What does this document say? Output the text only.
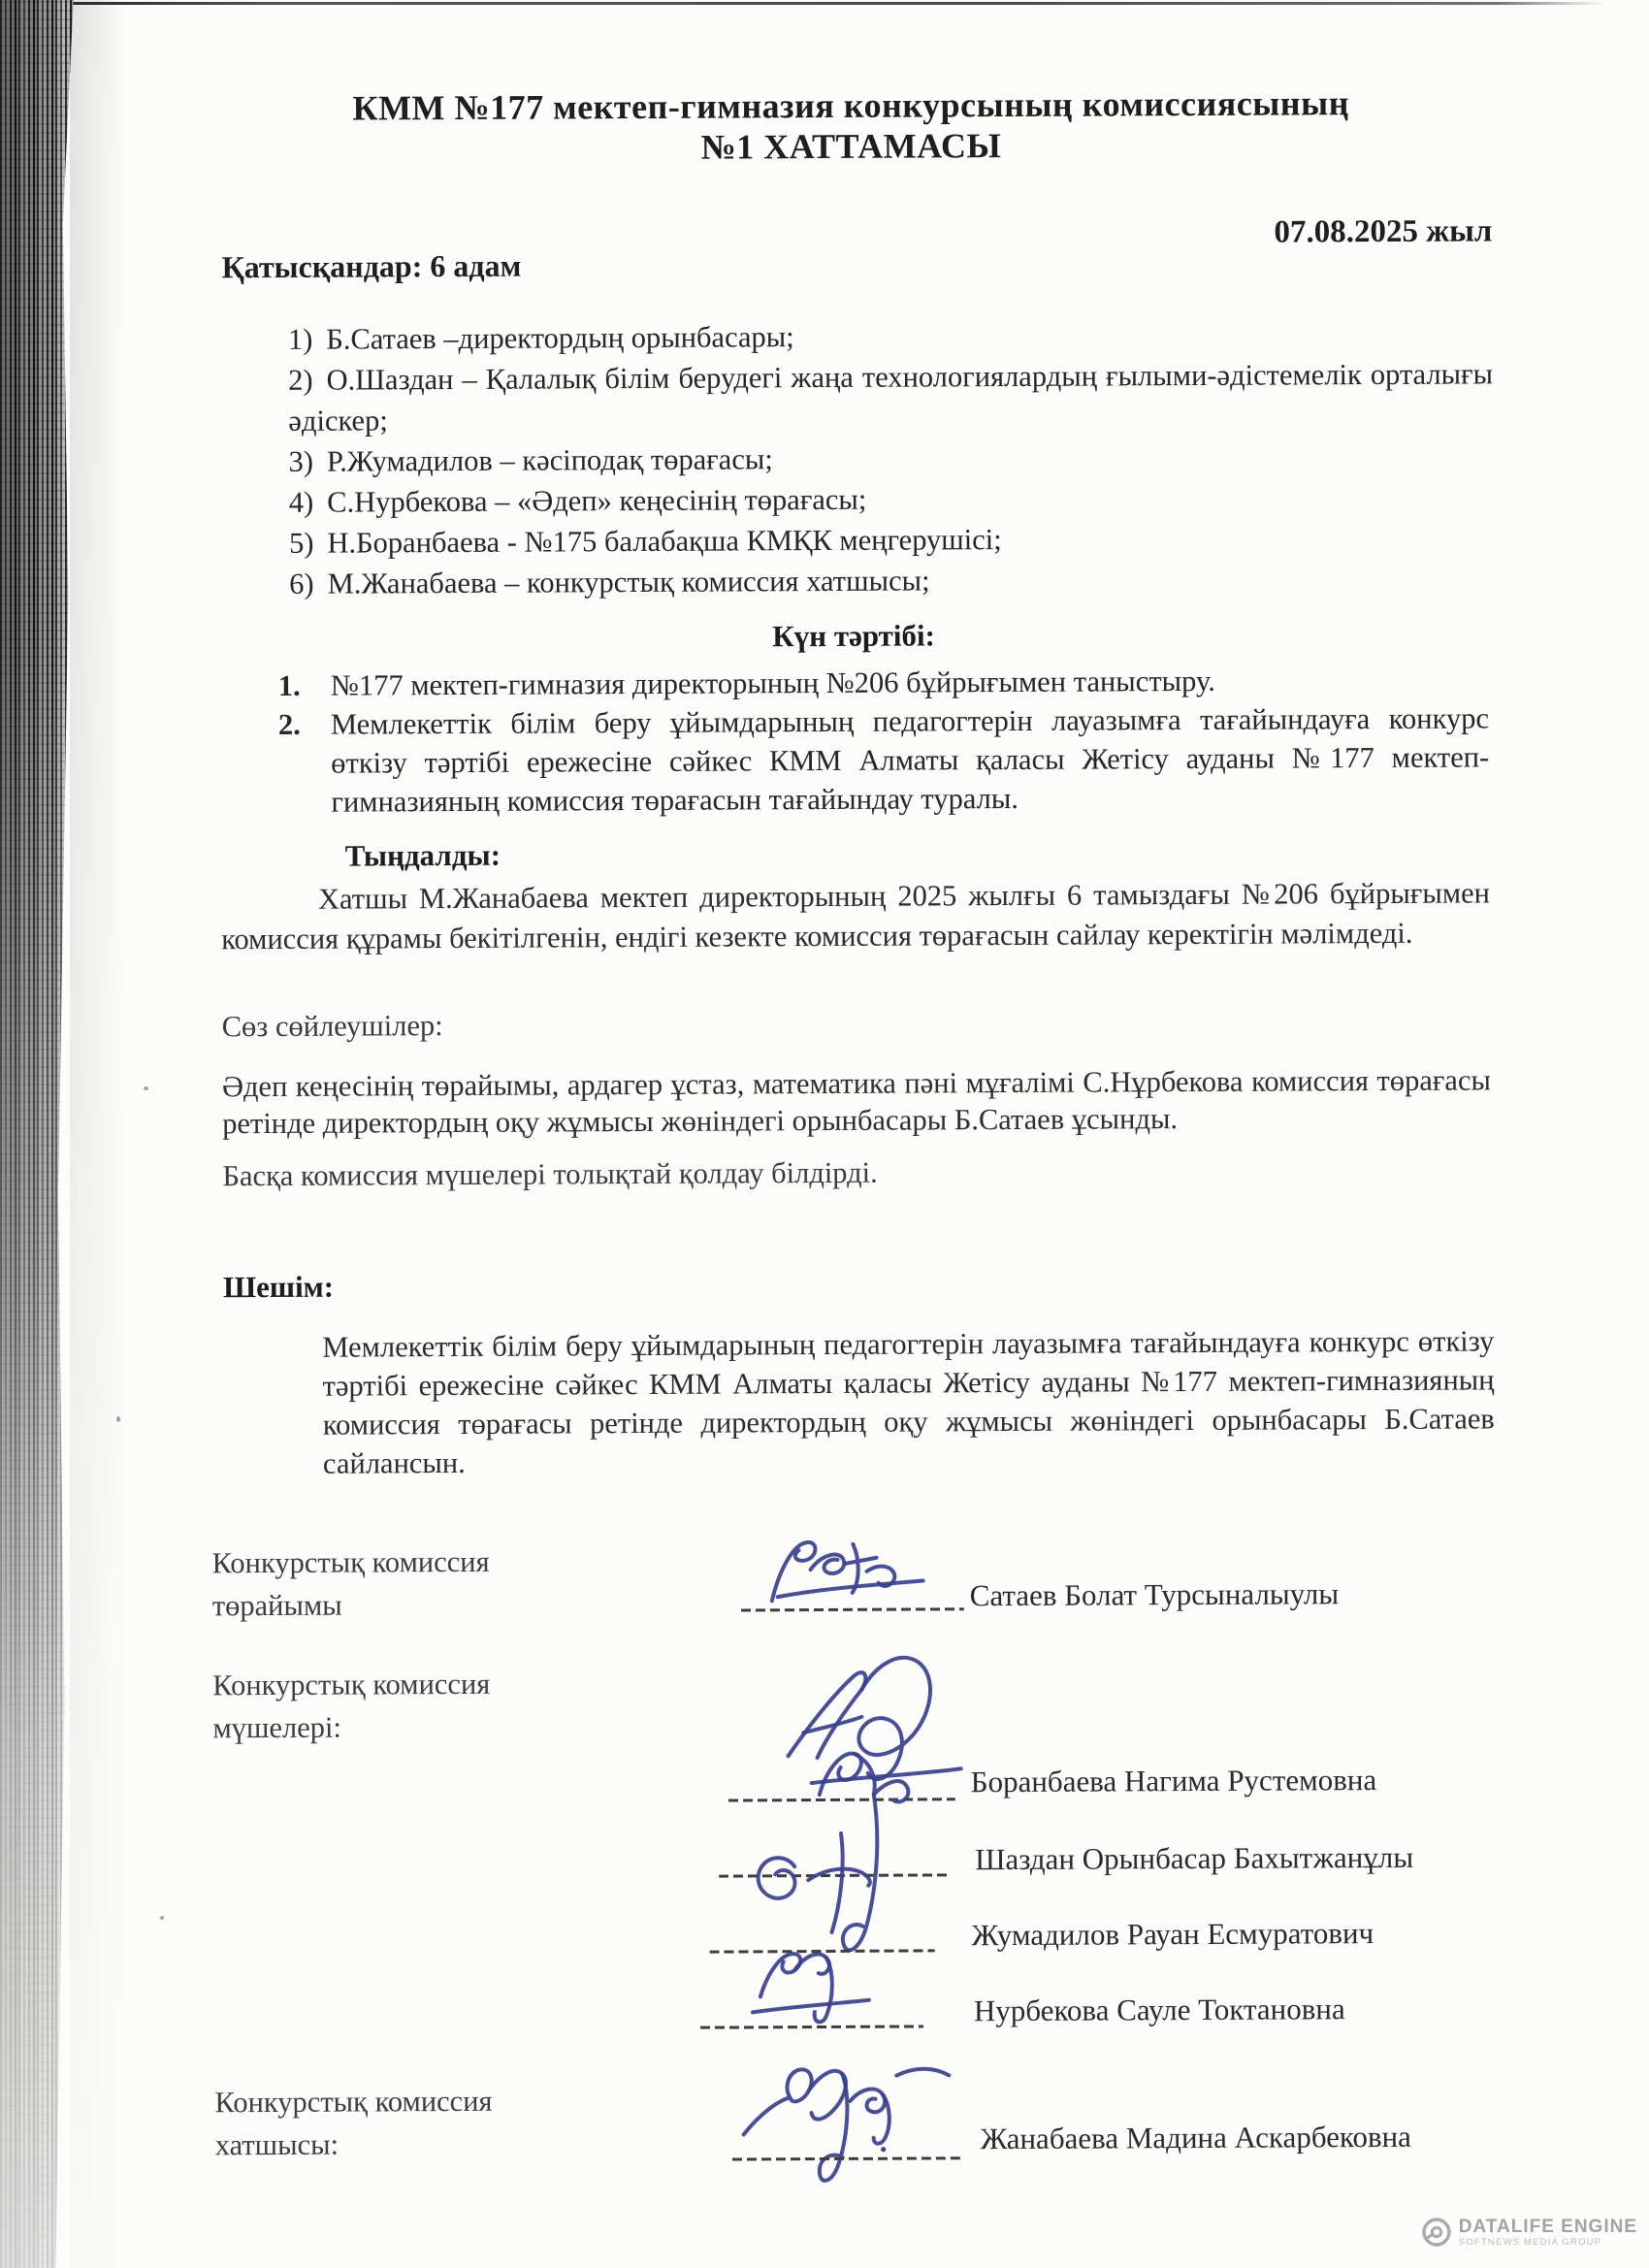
КММ №177 мектеп-гимназия конкурсының комиссиясының
№1 ХАТТАМАСЫ
07.08.2025 жыл
Қатысқандар: 6 адам
1) Б.Сатаев –директордың орынбасары;
2) О.Шаздан – Қалалық білім берудегі жаңа технологиялардың ғылыми-әдістемелік орталығы әдіскер;
3) Р.Жумадилов – кәсіподақ төрағасы;
4) С.Нурбекова – «Әдеп» кеңесінің төрағасы;
5) Н.Боранбаева - №175 балабақша КМҚК меңгерушісі;
6) М.Жанабаева – конкурстық комиссия хатшысы;
Күн тәртібі:
1.	№177 мектеп-гимназия директорының №206 бұйрығымен таныстыру.
2.	Мемлекеттік білім беру ұйымдарының педагогтерін лауазымға тағайындауға конкурс өткізу тәртібі ережесіне сәйкес КММ Алматы қаласы Жетісу ауданы №177 мектеп-гимназияның комиссия төрағасын тағайындау туралы.
Тыңдалды:
Хатшы М.Жанабаева мектеп директорының 2025 жылғы 6 тамыздағы №206 бұйрығымен комиссия құрамы бекітілгенін, ендігі кезекте комиссия төрағасын сайлау керектігін мәлімдеді.
Сөз сөйлеушілер:
Әдеп кеңесінің төрайымы, ардагер ұстаз, математика пәні мұғалімі С.Нұрбекова комиссия төрағасы ретінде директордың оқу жұмысы жөніндегі орынбасары Б.Сатаев ұсынды.
Басқа комиссия мүшелері толықтай қолдау білдірді.
Шешім:
Мемлекеттік білім беру ұйымдарының педагогтерін лауазымға тағайындауға конкурс өткізу тәртібі ережесіне сәйкес КММ Алматы қаласы Жетісу ауданы №177 мектеп-гимназияның комиссия төрағасы ретінде директордың оқу жұмысы жөніндегі орынбасары Б.Сатаев сайлансын.
Конкурстық комиссия төрайымы	Сатаев Болат Турсыналыулы
Конкурстық комиссия мүшелері:
Боранбаева Нагима Рустемовна
Шаздан Орынбасар Бахытжанұлы
Жумадилов Рауан Есмуратович
Нурбекова Сауле Токтановна
Конкурстық комиссия хатшысы:	Жанабаева Мадина Аскарбековна
DATALIFE ENGINE
SOFTNEWS MEDIA GROUP
